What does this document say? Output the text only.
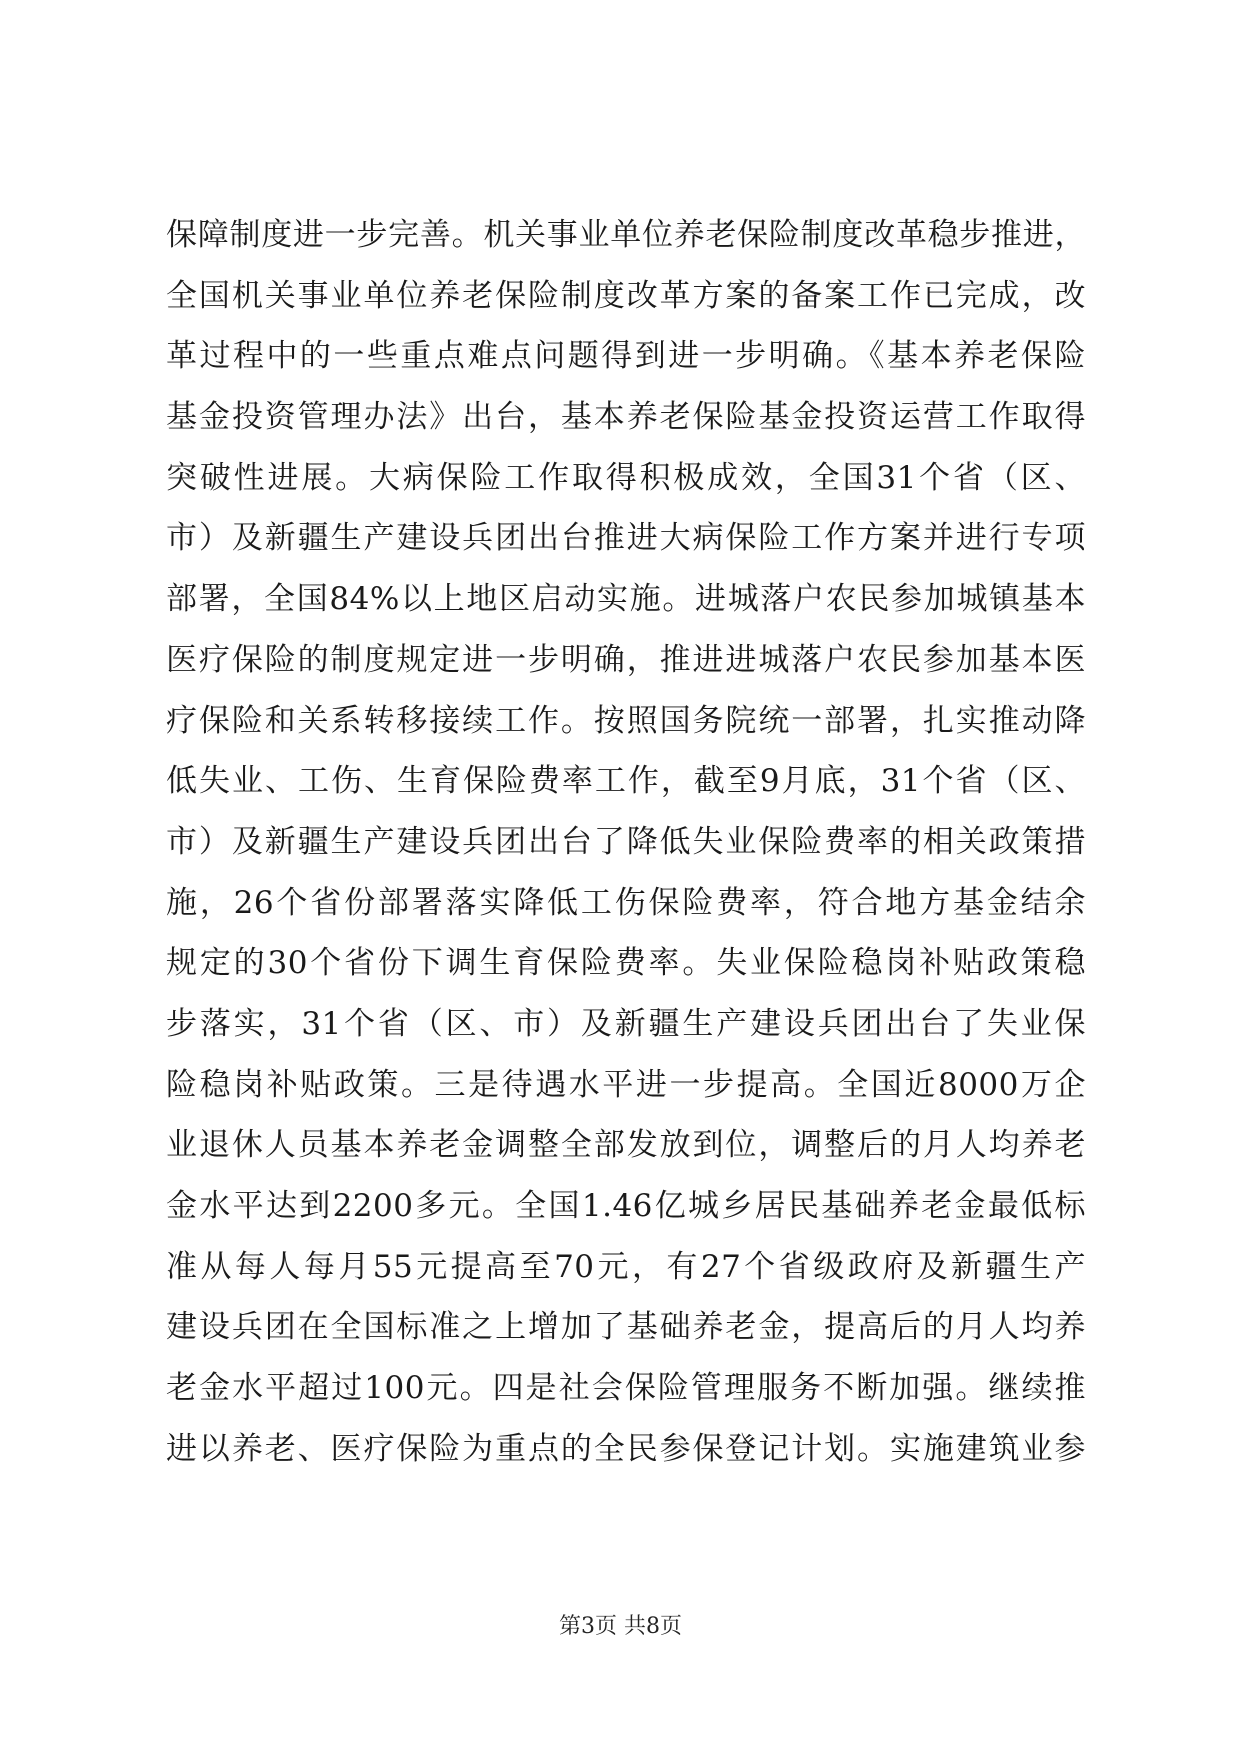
保障制度进一步完善。机关事业单位养老保险制度改革稳步推进，
全国机关事业单位养老保险制度改革方案的备案工作已完成，改
革过程中的一些重点难点问题得到进一步明确。《基本养老保险
基金投资管理办法》出台，基本养老保险基金投资运营工作取得
突破性进展。大病保险工作取得积极成效，全国31个省（区、
市）及新疆生产建设兵团出台推进大病保险工作方案并进行专项
部署，全国84%以上地区启动实施。进城落户农民参加城镇基本
医疗保险的制度规定进一步明确，推进进城落户农民参加基本医
疗保险和关系转移接续工作。按照国务院统一部署，扎实推动降
低失业、工伤、生育保险费率工作，截至9月底，31个省（区、
市）及新疆生产建设兵团出台了降低失业保险费率的相关政策措
施，26个省份部署落实降低工伤保险费率，符合地方基金结余
规定的30个省份下调生育保险费率。失业保险稳岗补贴政策稳
步落实，31个省（区、市）及新疆生产建设兵团出台了失业保
险稳岗补贴政策。三是待遇水平进一步提高。全国近8000万企
业退休人员基本养老金调整全部发放到位，调整后的月人均养老
金水平达到2200多元。全国1.46亿城乡居民基础养老金最低标
准从每人每月55元提高至70元，有27个省级政府及新疆生产
建设兵团在全国标准之上增加了基础养老金，提高后的月人均养
老金水平超过100元。四是社会保险管理服务不断加强。继续推
进以养老、医疗保险为重点的全民参保登记计划。实施建筑业参
第3页 共8页
